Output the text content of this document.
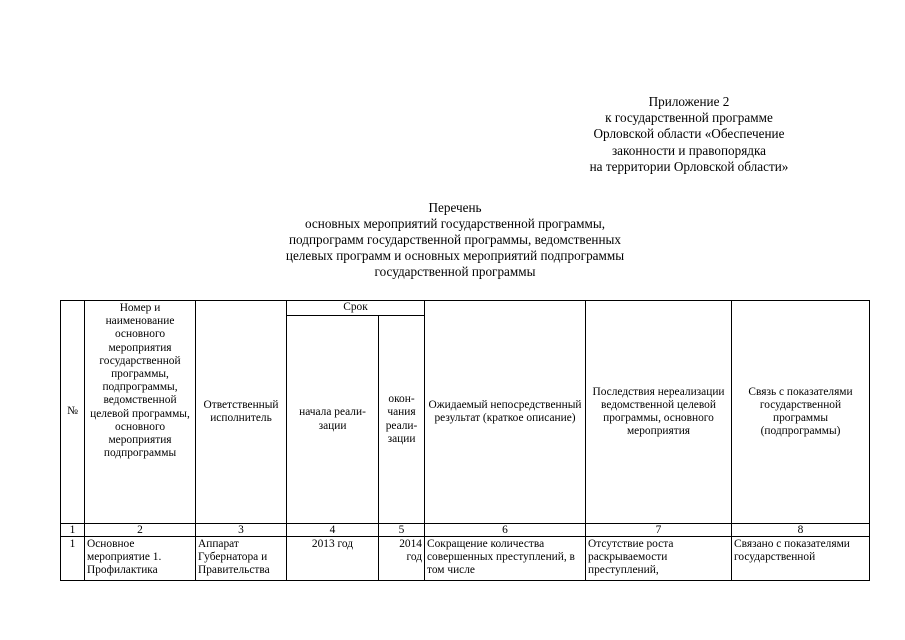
Приложение 2
к государственной программе
Орловской области «Обеспечение
законности и правопорядка
на территории Орловской области»
Перечень
основных мероприятий государственной программы,
подпрограмм государственной программы, ведомственных
целевых программ и основных мероприятий подпрограммы
государственной программы
№	Номер и наименование основного мероприятия государственной программы, подпрограммы, ведомственной целевой программы, основного мероприятия подпрограммы	Ответственный исполнитель	Срок		Ожидаемый непосредственный результат (краткое описание)	Последствия нереализации ведомственной целевой программы, основного мероприятия	Связь с показателями государственной программы (подпрограммы)
			начала реали-зации	окон-чания реали-зации			
1	2	3	4	5	6	7	8
1	Основное мероприятие 1. Профилактика	Аппарат Губернатора и Правительства	2013 год	2014 год	Сокращение количества совершенных преступлений, в том числе	Отсутствие роста раскрываемости преступлений,	Связано с показателями государственной
